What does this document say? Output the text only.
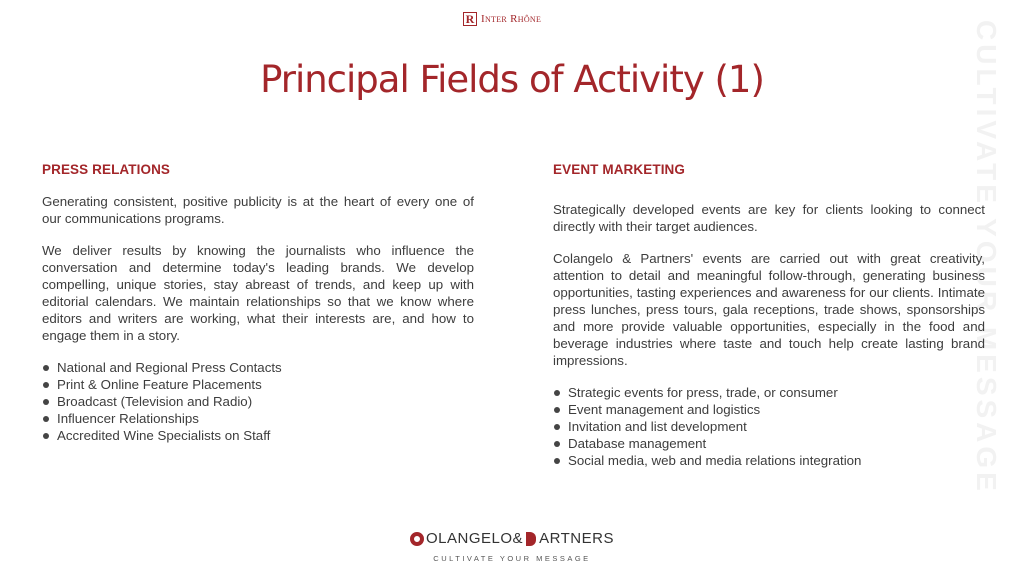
R Inter Rhône
CULTIVATE YOUR MESSAGE
Principal Fields of Activity (1)
PRESS RELATIONS

Generating consistent, positive publicity is at the heart of every one of our communications programs.

We deliver results by knowing the journalists who influence the conversation and determine today's leading brands. We develop compelling, unique stories, stay abreast of trends, and keep up with editorial calendars. We maintain relationships so that we know where editors and writers are working, what their interests are, and how to engage them in a story.

National and Regional Press Contacts
Print & Online Feature Placements
Broadcast (Television and Radio)
Influencer Relationships
Accredited Wine Specialists on Staff
EVENT MARKETING

Strategically developed events are key for clients looking to connect directly with their target audiences.

Colangelo & Partners' events are carried out with great creativity, attention to detail and meaningful follow-through, generating business opportunities, tasting experiences and awareness for our clients. Intimate press lunches, press tours, gala receptions, trade shows, sponsorships and more provide valuable opportunities, especially in the food and beverage industries where taste and touch help create lasting brand impressions.

Strategic events for press, trade, or consumer
Event management and logistics
Invitation and list development
Database management
Social media, web and media relations integration
OLANGELO& ARTNERS
CULTIVATE YOUR MESSAGE
